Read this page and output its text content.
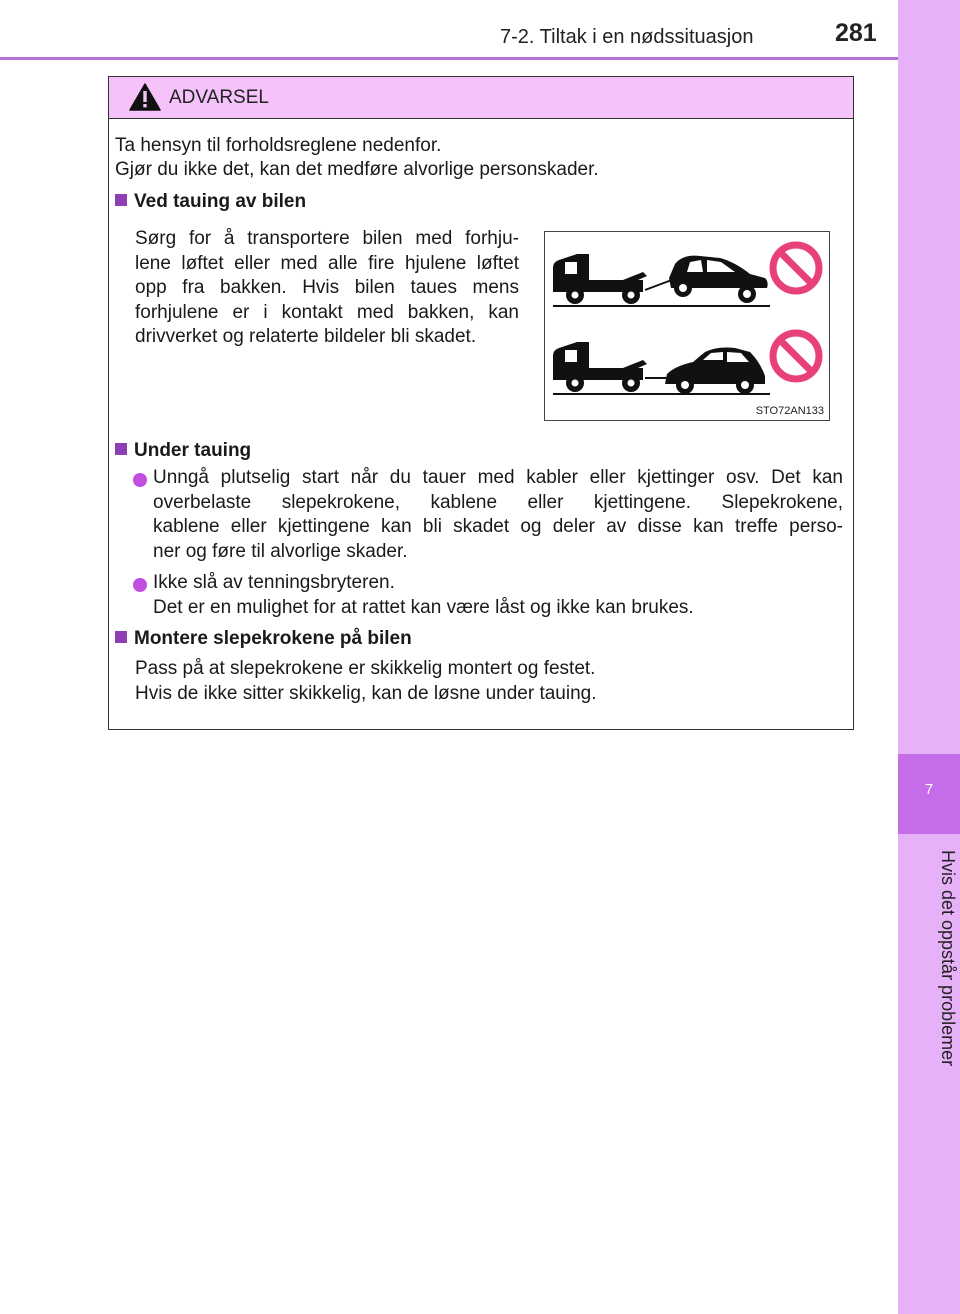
7-2. Tiltak i en nødssituasjon	281
7
Hvis det oppstår problemer
ADVARSEL
Ta hensyn til forholdsreglene nedenfor.
Gjør du ikke det, kan det medføre alvorlige personskader.
Ved tauing av bilen
Sørg for å transportere bilen med forhju-
lene løftet eller med alle fire hjulene løftet
opp fra bakken. Hvis bilen taues mens
forhjulene er i kontakt med bakken, kan
drivverket og relaterte bildeler bli skadet.
STO72AN133
Under tauing
Unngå plutselig start når du tauer med kabler eller kjettinger osv. Det kan
overbelaste slepekrokene, kablene eller kjettingene. Slepekrokene,
kablene eller kjettingene kan bli skadet og deler av disse kan treffe perso-
ner og føre til alvorlige skader.
Ikke slå av tenningsbryteren.
Det er en mulighet for at rattet kan være låst og ikke kan brukes.
Montere slepekrokene på bilen
Pass på at slepekrokene er skikkelig montert og festet.
Hvis de ikke sitter skikkelig, kan de løsne under tauing.
